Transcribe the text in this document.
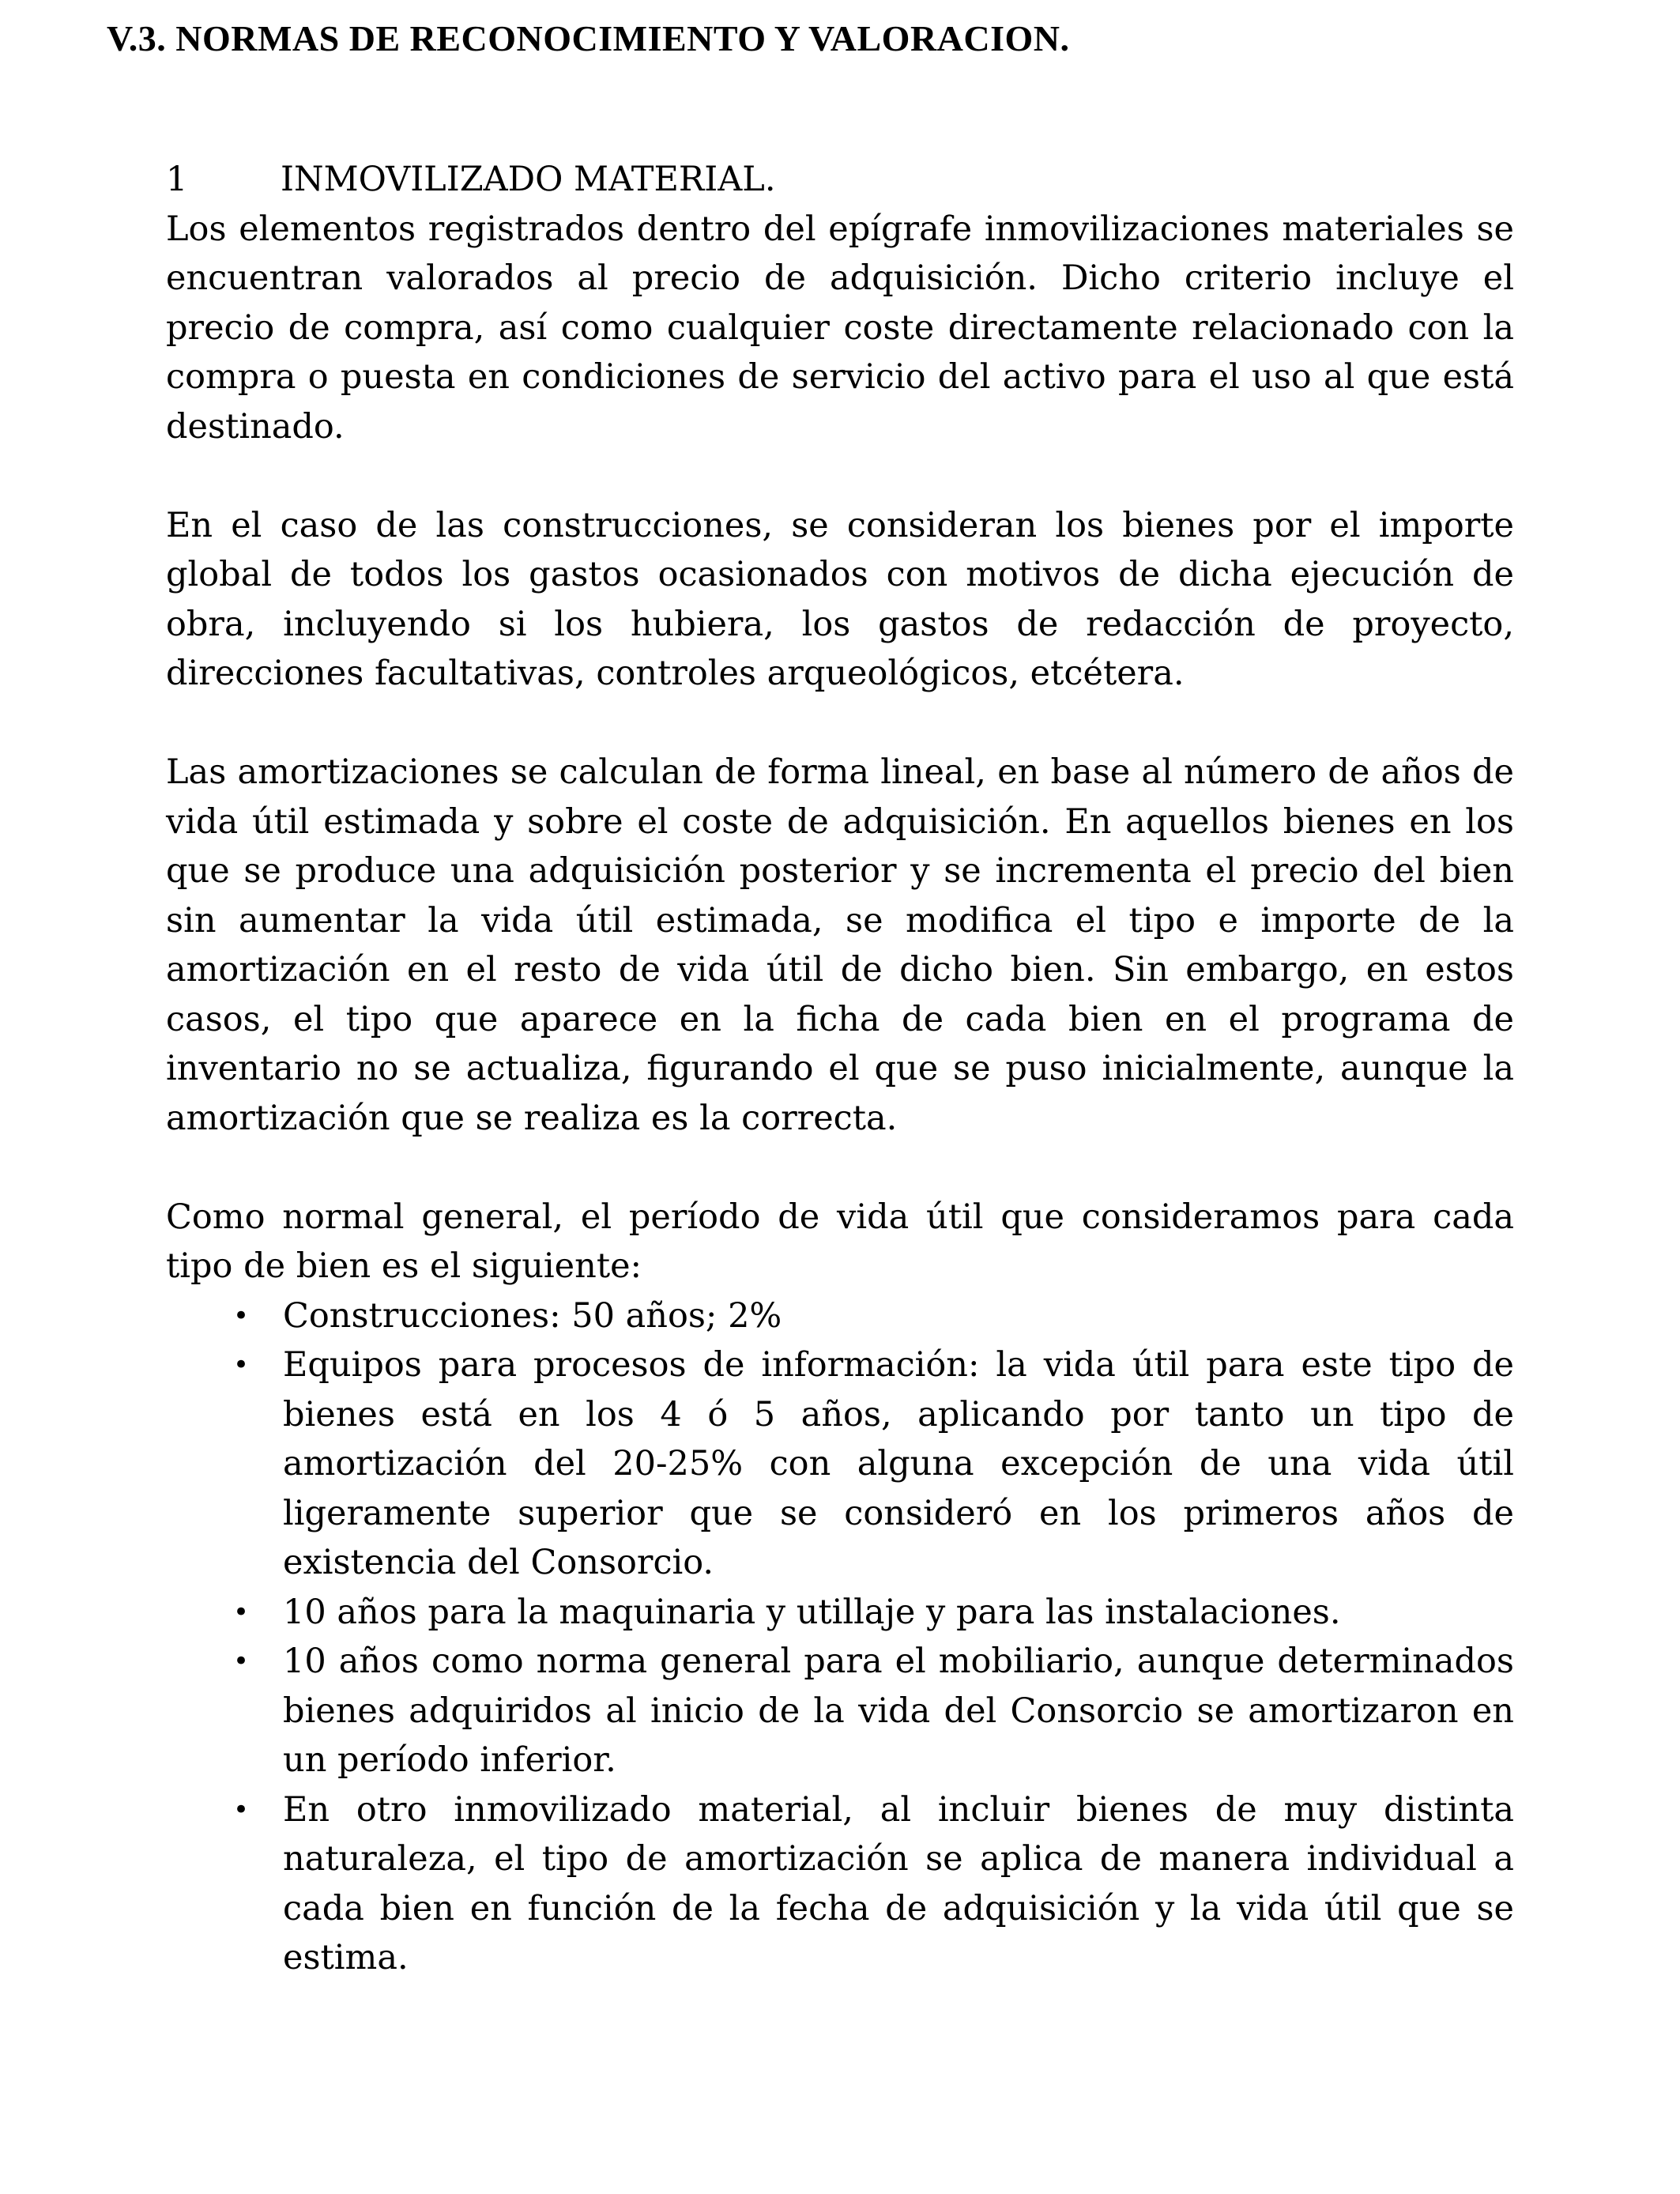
V.3. NORMAS DE RECONOCIMIENTO Y VALORACION.
1	INMOVILIZADO MATERIAL.

Los elementos registrados dentro del epígrafe inmovilizaciones materiales se encuentran valorados al precio de adquisición. Dicho criterio incluye el precio de compra, así como cualquier coste directamente relacionado con la compra o puesta en condiciones de servicio del activo para el uso al que está destinado.

En el caso de las construcciones, se consideran los bienes por el importe global de todos los gastos ocasionados con motivos de dicha ejecución de obra, incluyendo si los hubiera, los gastos de redacción de proyecto, direcciones facultativas, controles arqueológicos, etcétera.

Las amortizaciones se calculan de forma lineal, en base al número de años de vida útil estimada y sobre el coste de adquisición. En aquellos bienes en los que se produce una adquisición posterior y se incrementa el precio del bien sin aumentar la vida útil estimada, se modifica el tipo e importe de la amortización en el resto de vida útil de dicho bien. Sin embargo, en estos casos, el tipo que aparece en la ficha de cada bien en el programa de inventario no se actualiza, figurando el que se puso inicialmente, aunque la amortización que se realiza es la correcta.

Como normal general, el período de vida útil que consideramos para cada tipo de bien es el siguiente:

• Construcciones: 50 años; 2%
• Equipos para procesos de información: la vida útil para este tipo de bienes está en los 4 ó 5 años, aplicando por tanto un tipo de amortización del 20-25% con alguna excepción de una vida útil ligeramente superior que se consideró en los primeros años de existencia del Consorcio.
• 10 años para la maquinaria y utillaje y para las instalaciones.
• 10 años como norma general para el mobiliario, aunque determinados bienes adquiridos al inicio de la vida del Consorcio se amortizaron en un período inferior.
• En otro inmovilizado material, al incluir bienes de muy distinta naturaleza, el tipo de amortización se aplica de manera individual a cada bien en función de la fecha de adquisición y la vida útil que se estima.
